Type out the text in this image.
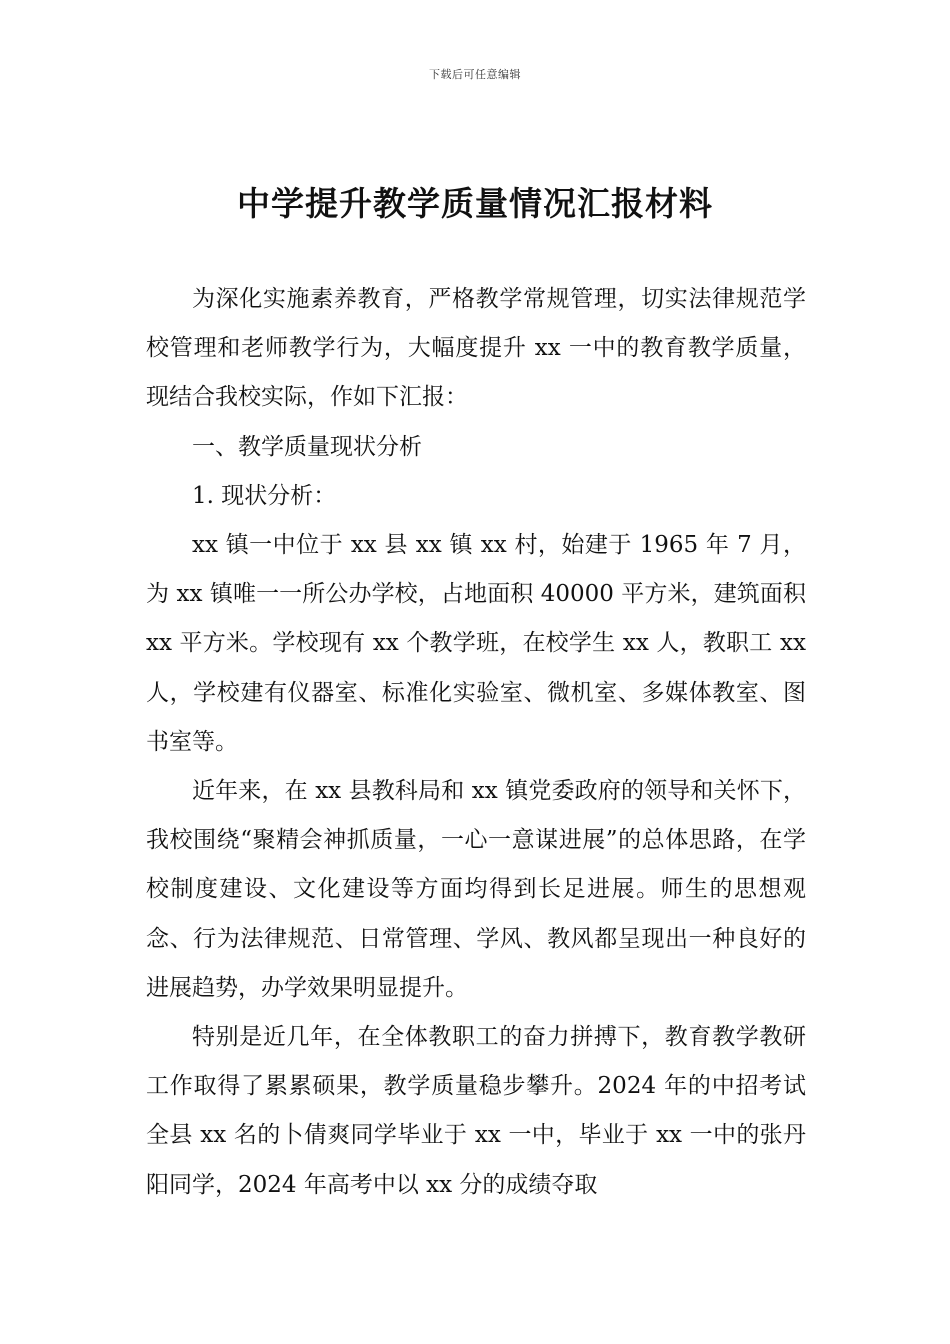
下载后可任意编辑
中学提升教学质量情况汇报材料

为深化实施素养教育，严格教学常规管理，切实法律规范学校管理和老师教学行为，大幅度提升 xx 一中的教育教学质量，现结合我校实际，作如下汇报：

一、教学质量现状分析

1. 现状分析：

xx 镇一中位于 xx 县 xx 镇 xx 村，始建于 1965 年 7 月，为 xx 镇唯一一所公办学校，占地面积 40000 平方米，建筑面积 xx 平方米。学校现有 xx 个教学班，在校学生 xx 人，教职工 xx 人，学校建有仪器室、标准化实验室、微机室、多媒体教室、图书室等。

近年来，在 xx 县教科局和 xx 镇党委政府的领导和关怀下，我校围绕“聚精会神抓质量，一心一意谋进展”的总体思路，在学校制度建设、文化建设等方面均得到长足进展。师生的思想观念、行为法律规范、日常管理、学风、教风都呈现出一种良好的进展趋势，办学效果明显提升。

特别是近几年，在全体教职工的奋力拼搏下，教育教学教研工作取得了累累硕果，教学质量稳步攀升。2024 年的中招考试全县 xx 名的卜倩爽同学毕业于 xx 一中，毕业于 xx 一中的张丹阳同学，2024 年高考中以 xx 分的成绩夺取
